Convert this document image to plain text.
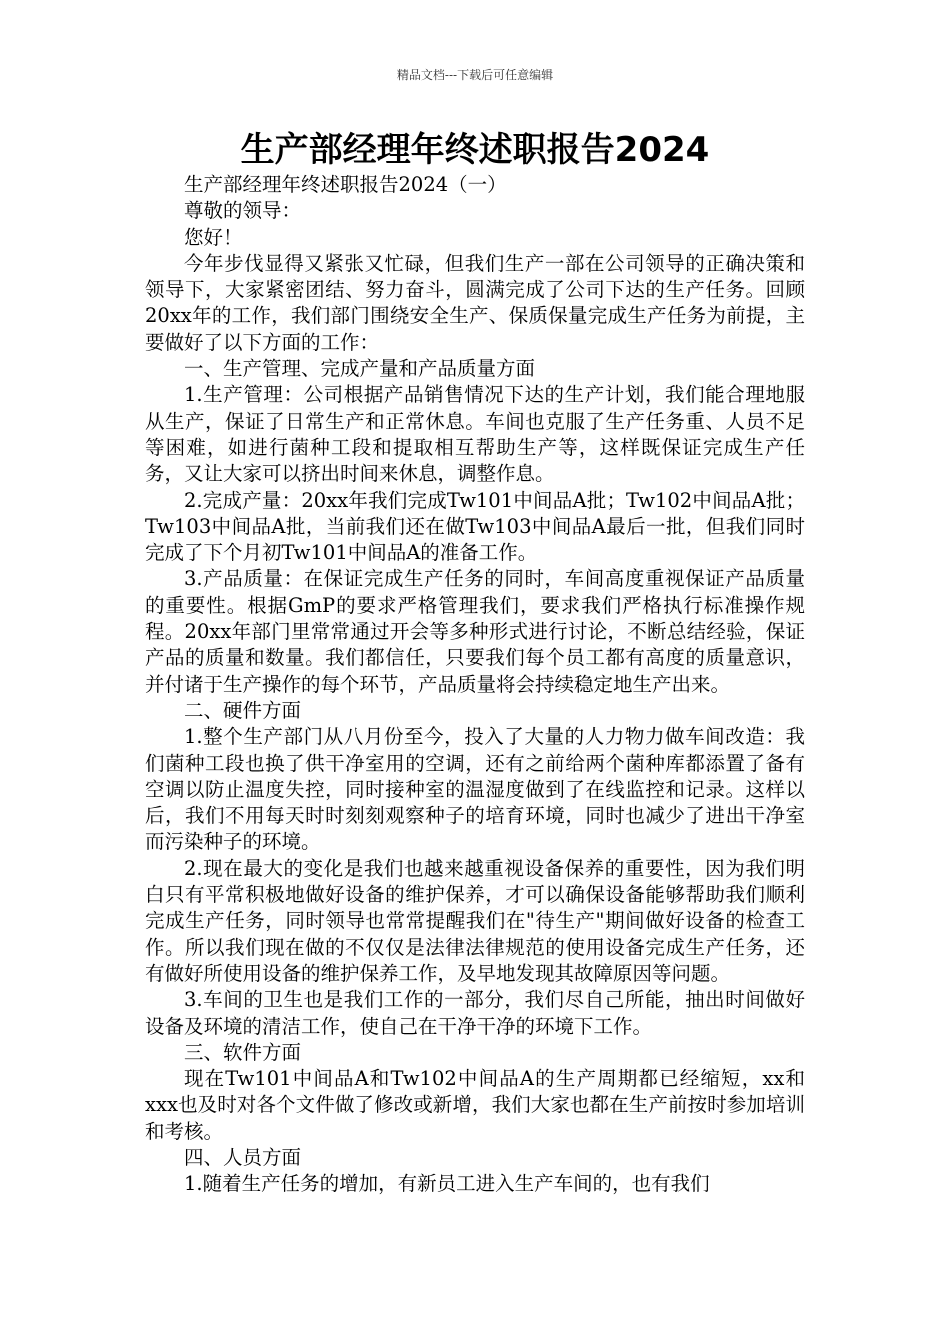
精品文档---下载后可任意编辑
生产部经理年终述职报告2024

生产部经理年终述职报告2024（一）

尊敬的领导：

您好！

今年步伐显得又紧张又忙碌，但我们生产一部在公司领导的正确决策和领导下，大家紧密团结、努力奋斗，圆满完成了公司下达的生产任务。回顾20xx年的工作，我们部门围绕安全生产、保质保量完成生产任务为前提，主要做好了以下方面的工作：

一、生产管理、完成产量和产品质量方面

1.生产管理：公司根据产品销售情况下达的生产计划，我们能合理地服从生产，保证了日常生产和正常休息。车间也克服了生产任务重、人员不足等困难，如进行菌种工段和提取相互帮助生产等，这样既保证完成生产任务，又让大家可以挤出时间来休息，调整作息。

2.完成产量：20xx年我们完成Tw101中间品A批；Tw102中间品A批；Tw103中间品A批，当前我们还在做Tw103中间品A最后一批，但我们同时完成了下个月初Tw101中间品A的准备工作。

3.产品质量：在保证完成生产任务的同时，车间高度重视保证产品质量的重要性。根据GmP的要求严格管理我们，要求我们严格执行标准操作规程。20xx年部门里常常通过开会等多种形式进行讨论，不断总结经验，保证产品的质量和数量。我们都信任，只要我们每个员工都有高度的质量意识，并付诸于生产操作的每个环节，产品质量将会持续稳定地生产出来。

二、硬件方面

1.整个生产部门从八月份至今，投入了大量的人力物力做车间改造：我们菌种工段也换了供干净室用的空调，还有之前给两个菌种库都添置了备有空调以防止温度失控，同时接种室的温湿度做到了在线监控和记录。这样以后，我们不用每天时时刻刻观察种子的培育环境，同时也减少了进出干净室而污染种子的环境。

2.现在最大的变化是我们也越来越重视设备保养的重要性，因为我们明白只有平常积极地做好设备的维护保养，才可以确保设备能够帮助我们顺利完成生产任务，同时领导也常常提醒我们在"待生产"期间做好设备的检查工作。所以我们现在做的不仅仅是法律法律规范的使用设备完成生产任务，还有做好所使用设备的维护保养工作，及早地发现其故障原因等问题。

3.车间的卫生也是我们工作的一部分，我们尽自己所能，抽出时间做好设备及环境的清洁工作，使自己在干净干净的环境下工作。

三、软件方面

现在Tw101中间品A和Tw102中间品A的生产周期都已经缩短，xx和xxx也及时对各个文件做了修改或新增，我们大家也都在生产前按时参加培训和考核。

四、人员方面

1.随着生产任务的增加，有新员工进入生产车间的，也有我们
